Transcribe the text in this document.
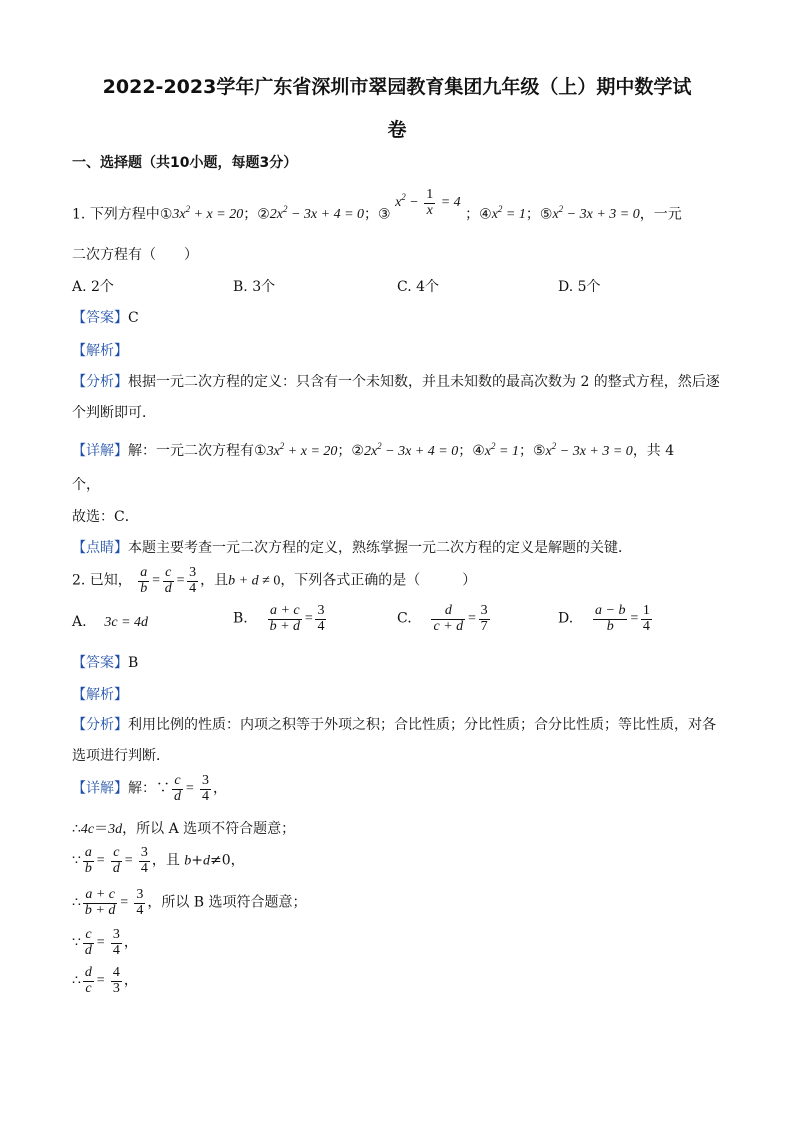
2022-2023学年广东省深圳市翠园教育集团九年级（上）期中数学试
卷
一、选择题（共10小题，每题3分）
1. 下列方程中$①3x^2 + x = 20$；$②2x^2 - 3x + 4 = 0$；③ $x^2 - \frac{1}{x} = 4$ ；$④x^2 = 1$；$⑤x^2 - 3x + 3 = 0$，一元
二次方程有（　　）
A. 2个	B. 3个	C. 4个	D. 5个
【答案】C
【解析】
【分析】根据一元二次方程的定义：只含有一个未知数，并且未知数的最高次数为 2 的整式方程，然后逐
个判断即可．
【详解】解：一元二次方程有$①3x^2 + x = 20$；$②2x^2 - 3x + 4 = 0$；$④x^2 = 1$；$⑤x^2 - 3x + 3 = 0$，共 4
个，
故选：C．
【点睛】本题主要考查一元二次方程的定义，熟练掌握一元二次方程的定义是解题的关键．
2. 已知， $\frac{a}{b} = \frac{c}{d} = \frac{3}{4}$ ，且b + d ≠ 0，下列各式正确的是（　　　）
A. 3c = 4d	B. $\frac{a + c}{b + d} = \frac{3}{4}$	C. $\frac{d}{c + d} = \frac{3}{7}$	D. $\frac{a - b}{b} = \frac{1}{4}$
【答案】B
【解析】
【分析】利用比例的性质：内项之积等于外项之积；合比性质；分比性质；合分比性质；等比性质，对各
选项进行判断．
【详解】解：∵ $\frac{c}{d} = \frac{3}{4}$ ，
∴4c＝3d，所以 A 选项不符合题意；
∵ $\frac{a}{b} = \frac{c}{d} = \frac{3}{4}$ ，且 b+d≠0，
∴ $\frac{a + c}{b + d} = \frac{3}{4}$ ，所以 B 选项符合题意；
∵ $\frac{c}{d} = \frac{3}{4}$ ，
∴ $\frac{d}{c} = \frac{4}{3}$ ，
